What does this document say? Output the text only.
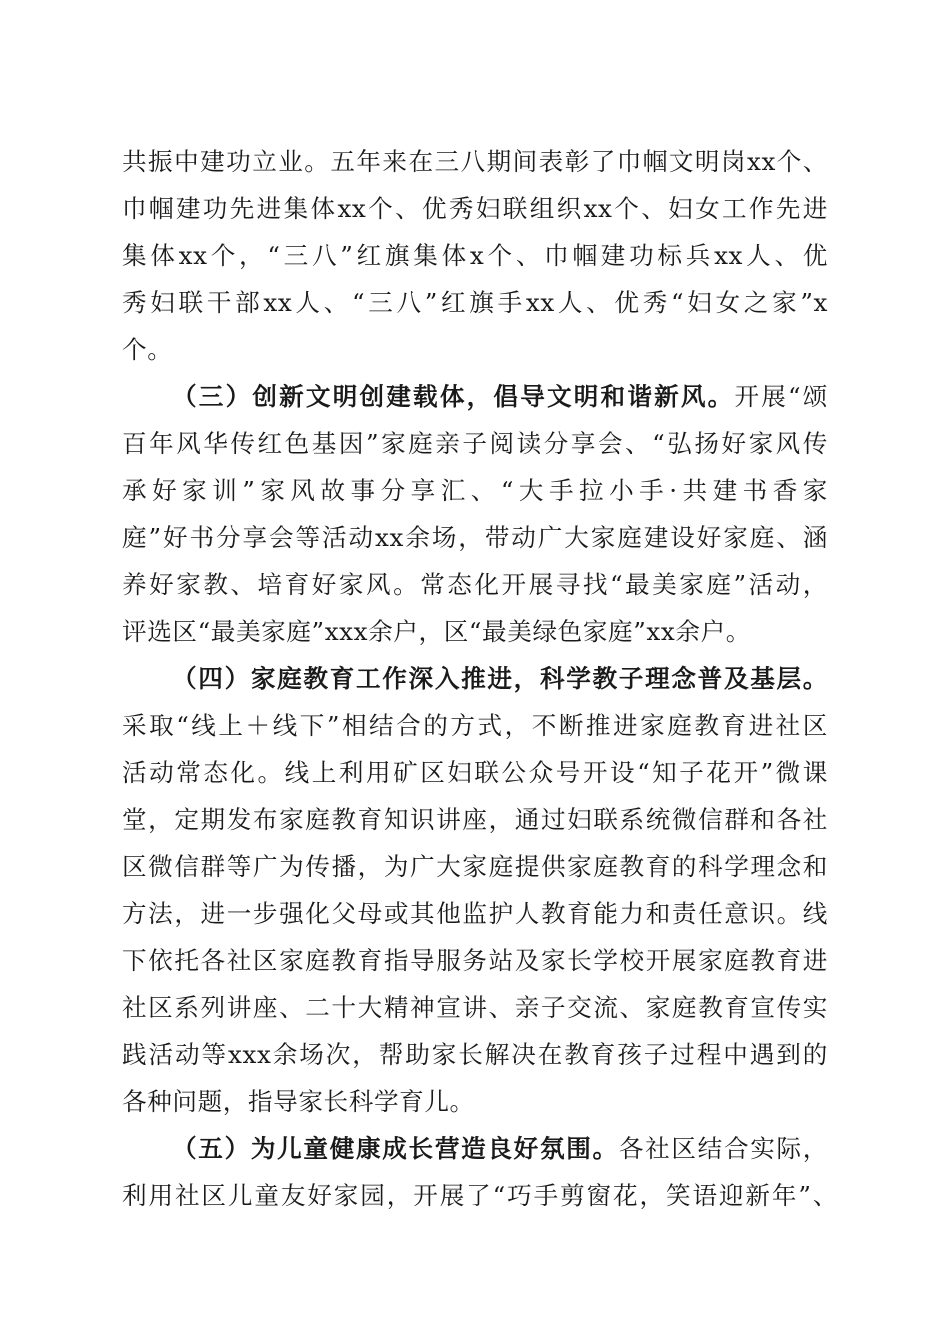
共振中建功立业。五年来在三八期间表彰了巾帼文明岗xx个、
巾帼建功先进集体xx个、优秀妇联组织xx个、妇女工作先进
集体xx个，“三八”红旗集体x个、巾帼建功标兵xx人、优
秀妇联干部xx人、“三八”红旗手xx人、优秀“妇女之家”x
个。
（三）创新文明创建载体，倡导文明和谐新风。开展“颂
百年风华传红色基因”家庭亲子阅读分享会、“弘扬好家风传
承好家训”家风故事分享汇、“大手拉小手·共建书香家
庭”好书分享会等活动xx余场，带动广大家庭建设好家庭、涵
养好家教、培育好家风。常态化开展寻找“最美家庭”活动，
评选区“最美家庭”xxx余户，区“最美绿色家庭”xx余户。
（四）家庭教育工作深入推进，科学教子理念普及基层。
采取“线上＋线下”相结合的方式，不断推进家庭教育进社区
活动常态化。线上利用矿区妇联公众号开设“知子花开”微课
堂，定期发布家庭教育知识讲座，通过妇联系统微信群和各社
区微信群等广为传播，为广大家庭提供家庭教育的科学理念和
方法，进一步强化父母或其他监护人教育能力和责任意识。线
下依托各社区家庭教育指导服务站及家长学校开展家庭教育进
社区系列讲座、二十大精神宣讲、亲子交流、家庭教育宣传实
践活动等xxx余场次，帮助家长解决在教育孩子过程中遇到的
各种问题，指导家长科学育儿。
（五）为儿童健康成长营造良好氛围。各社区结合实际，
利用社区儿童友好家园，开展了“巧手剪窗花，笑语迎新年”、
